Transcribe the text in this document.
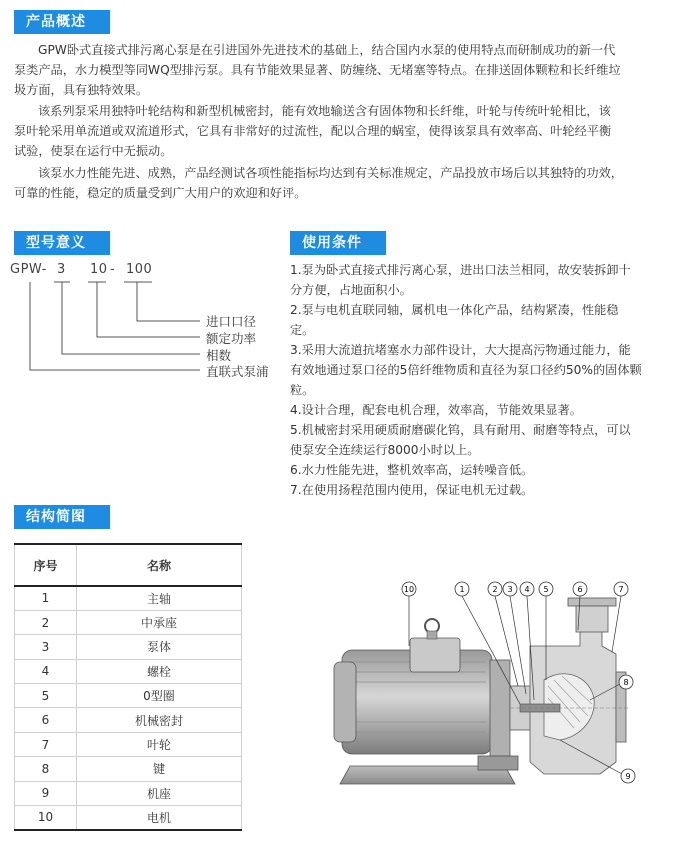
产品概述
GPW卧式直接式排污离心泵是在引进国外先进技术的基础上，结合国内水泵的使用特点而研制成功的新一代
泵类产品，水力模型等同WQ型排污泵。具有节能效果显著、防缠绕、无堵塞等特点。在排送固体颗粒和长纤维垃
圾方面，具有独特效果。
该系列泵采用独特叶轮结构和新型机械密封，能有效地输送含有固体物和长纤维，叶轮与传统叶轮相比，该
泵叶轮采用单流道或双流道形式，它具有非常好的过流性，配以合理的蜗室，使得该泵具有效率高、叶轮经平衡
试验，使泵在运行中无振动。
该泵水力性能先进、成熟，产品经测试各项性能指标均达到有关标准规定，产品投放市场后以其独特的功效，
可靠的性能，稳定的质量受到广大用户的欢迎和好评。
型号意义
GPW- 3 10 - 100
进口口径
额定功率
相数
直联式泵浦
使用条件
1.泵为卧式直接式排污离心泵，进出口法兰相同，故安装拆卸十
分方便，占地面积小。
2.泵与电机直联同轴，属机电一体化产品，结构紧凑，性能稳
定。
3.采用大流道抗堵塞水力部件设计，大大提高污物通过能力，能
有效地通过泵口径的5倍纤维物质和直径为泵口径约50%的固体颗
粒。
4.设计合理，配套电机合理，效率高，节能效果显著。
5.机械密封采用硬质耐磨碳化钨，具有耐用、耐磨等特点，可以
使泵安全连续运行8000小时以上。
6.水力性能先进，整机效率高，运转噪音低。
7.在使用扬程范围内使用，保证电机无过载。
结构简图
序号	名称
1	主轴
2	中承座
3	泵体
4	螺栓
5	0型圈
6	机械密封
7	叶轮
8	键
9	机座
10	电机
10	1	2 3 4 5	6	7
8
9
